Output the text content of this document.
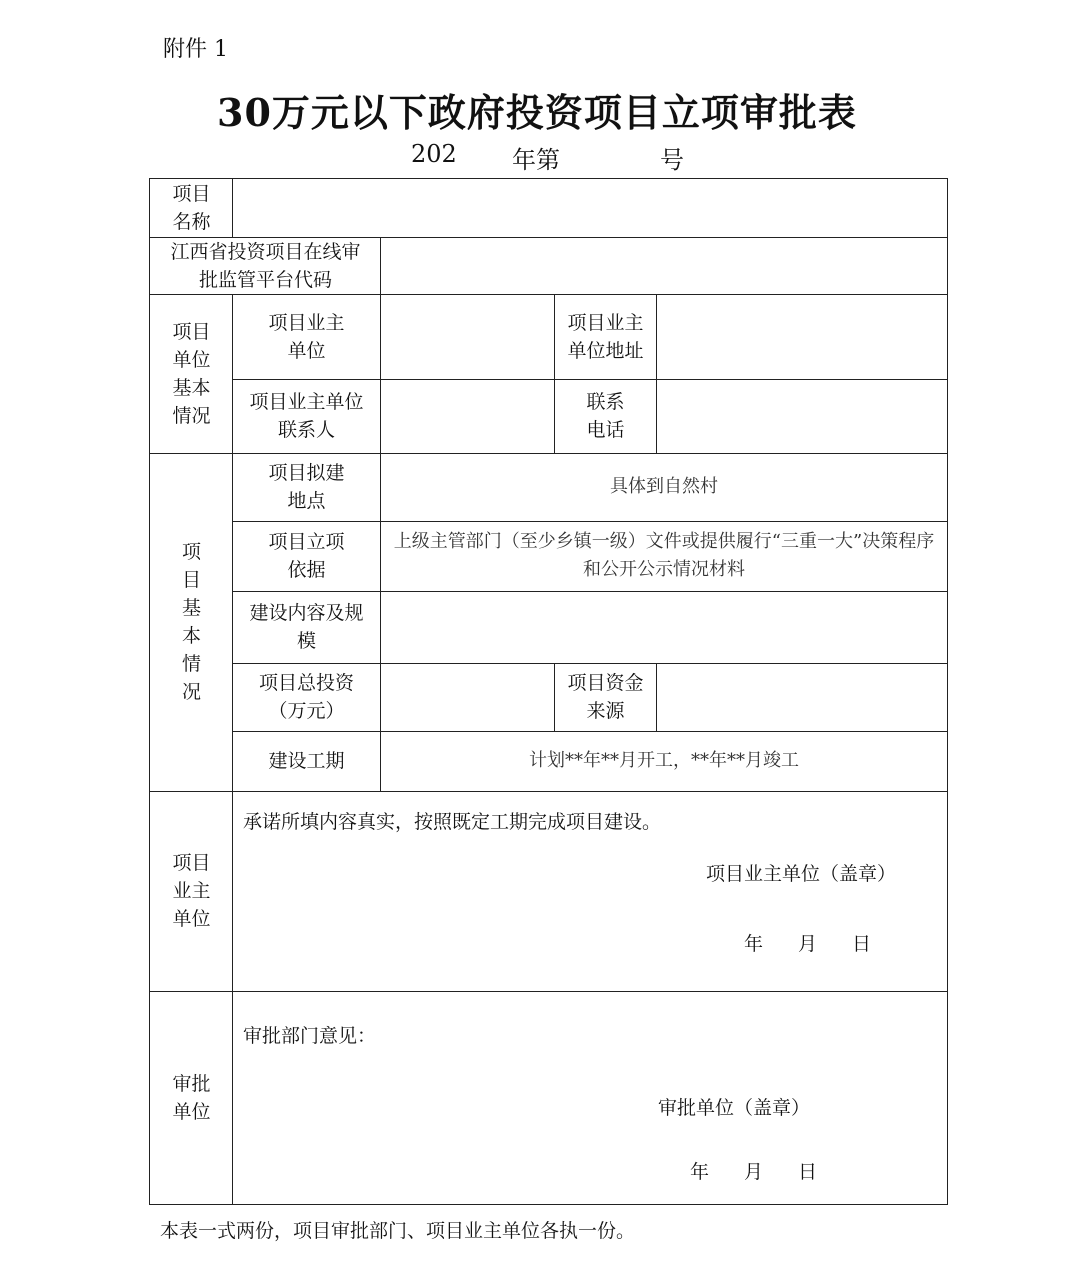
附件 1
30万元以下政府投资项目立项审批表
202 年第	号
项目名称
江西省投资项目在线审批监管平台代码
项目单位基本情况
项目业主单位
项目业主单位地址
项目业主单位联系人
联系电话
项目基本情况
项目拟建地点
具体到自然村
项目立项依据
上级主管部门（至少乡镇一级）文件或提供履行“三重一大”决策程序和公开公示情况材料
建设内容及规模
项目总投资（万元）
项目资金来源
建设工期	计划**年**月开工，**年**月竣工
项目业主单位
承诺所填内容真实，按照既定工期完成项目建设。
项目业主单位（盖章）
年 月 日
审批单位
审批部门意见：
审批单位（盖章）
年 月 日
本表一式两份，项目审批部门、项目业主单位各执一份。
